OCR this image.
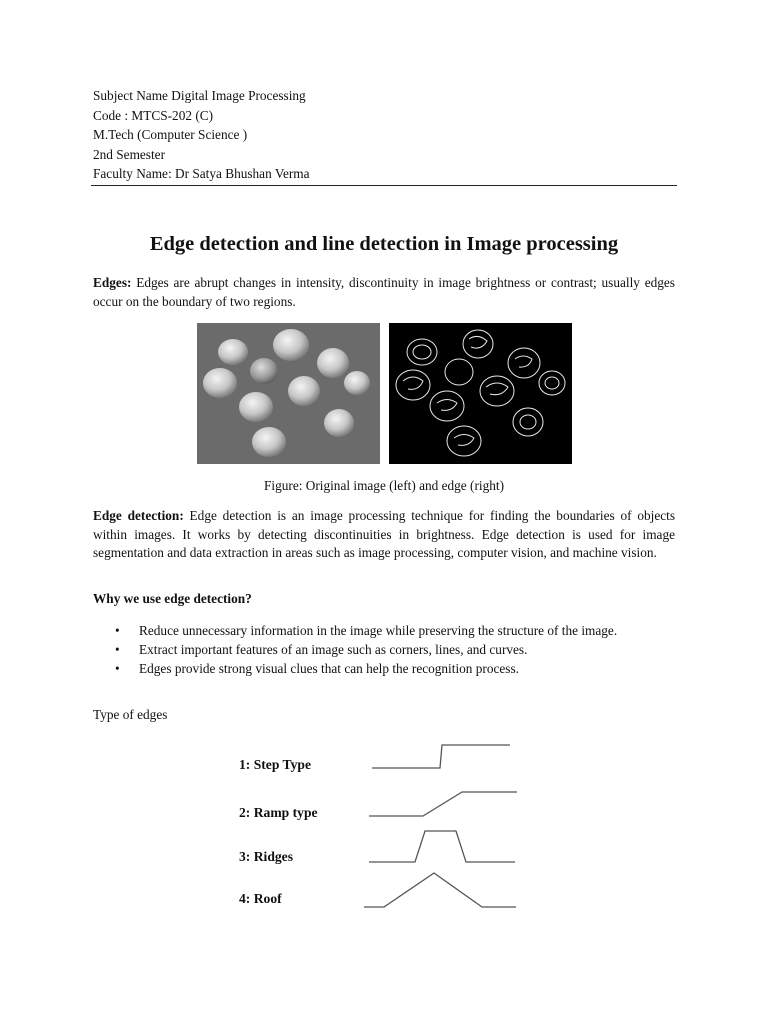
Subject Name Digital Image Processing
Code : MTCS-202 (C)
M.Tech (Computer Science )
2nd Semester
Faculty Name: Dr Satya Bhushan Verma
Edge detection and line detection in Image processing
Edges: Edges are abrupt changes in intensity, discontinuity in image brightness or contrast; usually edges occur on the boundary of two regions.
Figure: Original image (left) and edge (right)
Edge detection: Edge detection is an image processing technique for finding the boundaries of objects within images. It works by detecting discontinuities in brightness. Edge detection is used for image segmentation and data extraction in areas such as image processing, computer vision, and machine vision.
Why we use edge detection?
• Reduce unnecessary information in the image while preserving the structure of the image.
• Extract important features of an image such as corners, lines, and curves.
• Edges provide strong visual clues that can help the recognition process.
Type of edges
1: Step Type
2: Ramp type
3: Ridges
4: Roof
